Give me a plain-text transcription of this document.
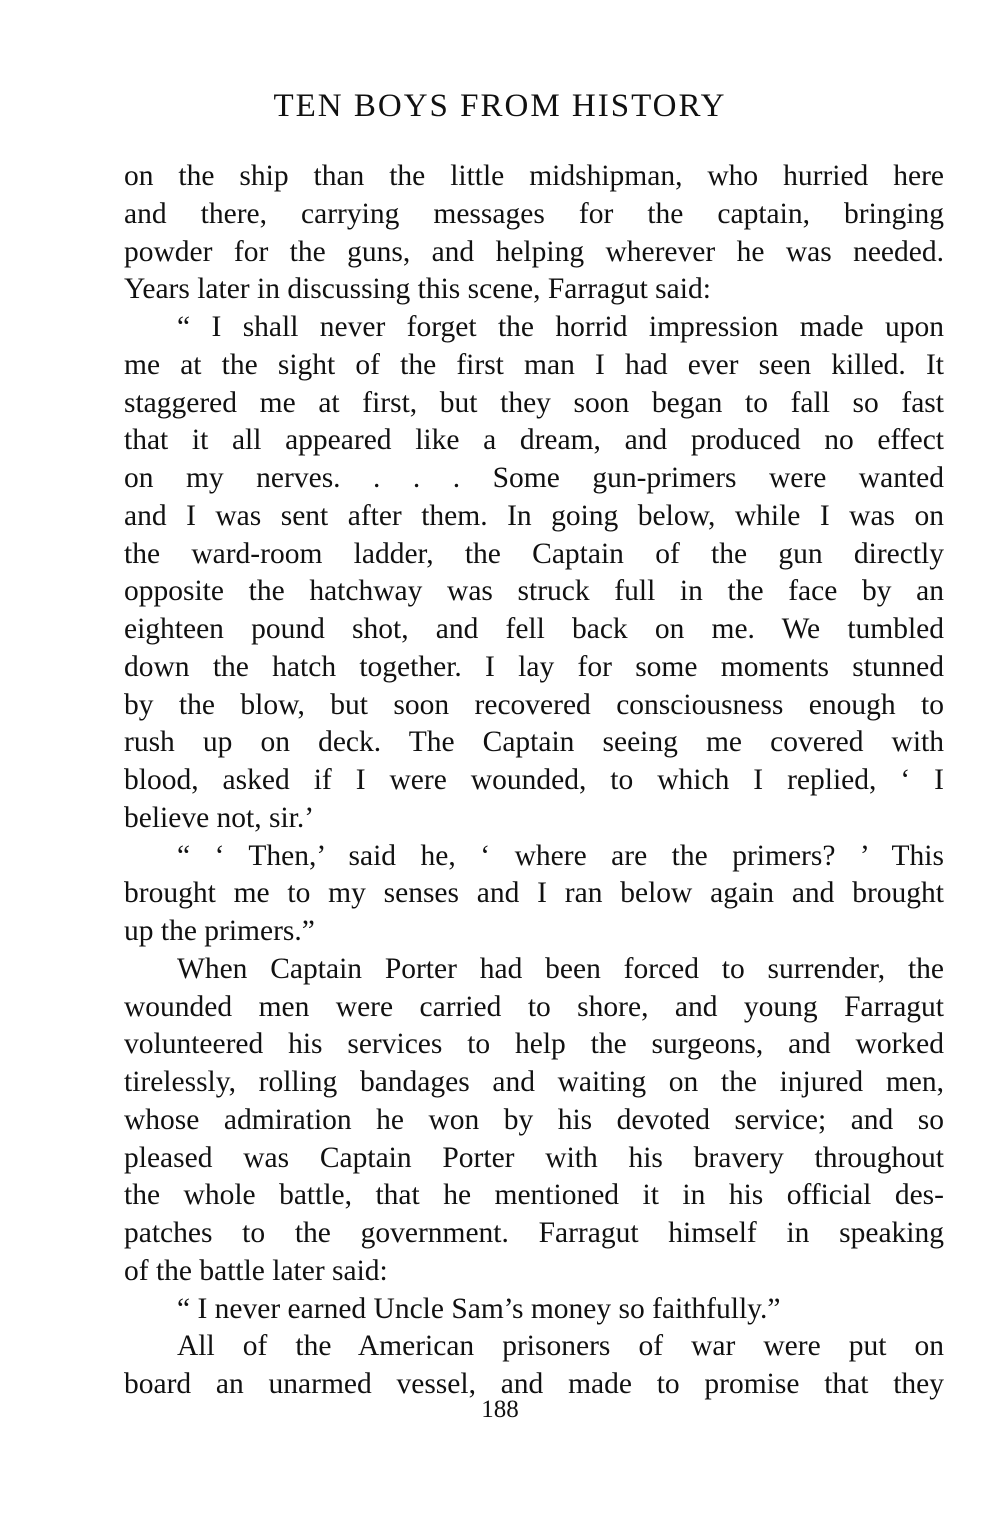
TEN BOYS FROM HISTORY
on the ship than the little midshipman, who hurried here
and there, carrying messages for the captain, bringing
powder for the guns, and helping wherever he was needed.
Years later in discussing this scene, Farragut said:
“ I shall never forget the horrid impression made upon
me at the sight of the first man I had ever seen killed. It
staggered me at first, but they soon began to fall so fast
that it all appeared like a dream, and produced no effect
on my nerves. . . . Some gun-primers were wanted
and I was sent after them. In going below, while I was on
the ward-room ladder, the Captain of the gun directly
opposite the hatchway was struck full in the face by an
eighteen pound shot, and fell back on me. We tumbled
down the hatch together. I lay for some moments stunned
by the blow, but soon recovered consciousness enough to
rush up on deck. The Captain seeing me covered with
blood, asked if I were wounded, to which I replied, ‘ I
believe not, sir.’
“ ‘ Then,’ said he, ‘ where are the primers? ’ This
brought me to my senses and I ran below again and brought
up the primers.”
When Captain Porter had been forced to surrender, the
wounded men were carried to shore, and young Farragut
volunteered his services to help the surgeons, and worked
tirelessly, rolling bandages and waiting on the injured men,
whose admiration he won by his devoted service; and so
pleased was Captain Porter with his bravery throughout
the whole battle, that he mentioned it in his official des-
patches to the government. Farragut himself in speaking
of the battle later said:
“ I never earned Uncle Sam’s money so faithfully.”
All of the American prisoners of war were put on
board an unarmed vessel, and made to promise that they
188
